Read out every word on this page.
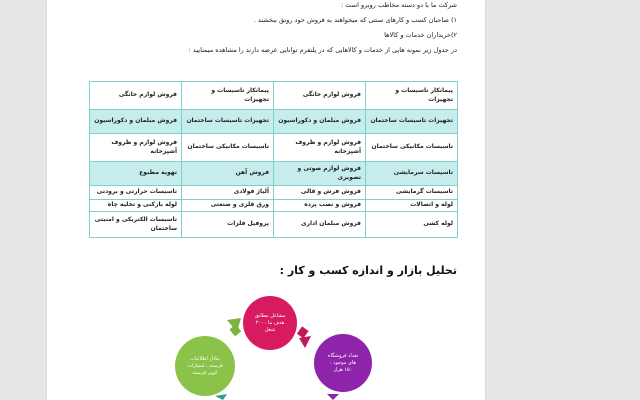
شرکت ما با دو دسته مخاطب روبرو است :

۱) صاحبان کسب و کارهای سنتی که میخواهند به فروش خود رونق ببخشند .

۲)خریداران خدمات و کالاها

در جدول زیر نمونه هایی از خدمات و کالاهایی که در پلتفرم توانایی عرضه دارند را مشاهده میمنایید :

پیمانکار تاسیسات و تجهیزات	فروش لوازم خانگی	پیمانکار تاسیسات و تجهیزات	فروش لوازم خانگی
تجهیزات تاسیسات ساختمان	فروش مبلمان و دکوراسیون	تجهیزات تاسیسات ساختمان	فروش مبلمان و دکوراسیون
تاسیسات مکانیکی ساختمان	فروش لوازم و ظروف آشپزخانه	تاسیسات مکانیکی ساختمان	فروش لوازم و ظروف آشپزخانه
تاسیسات سرمایشی	فروش لوازم صوتی و تصویری	فروش آهن	تهویه مطبوع
تاسیسات گرمایشی	فروش فرش و قالی	آلیاژ فولادی	تاسیسات حرارتی و برودتی
لوله و اتصالات	فروش و نصب پرده	ورق فلزی و صنعتی	لوله بازکنی و تخلیه چاه
لوله کشی	فروش مبلمان اداری	پروفیل فلزات	تاسیسات الکتریکی و امنیتی ساختمان
تحلیل بازار و اندازه کسب و کار :
مشاغل مطابق
هدف ما ۲۰۰۰
شغل
تعداد فروشگاه
های موجود :
۱۵۰ هزار
تبادل اطلاعات
فرسته ، امتیازات
کوپن فرسته
